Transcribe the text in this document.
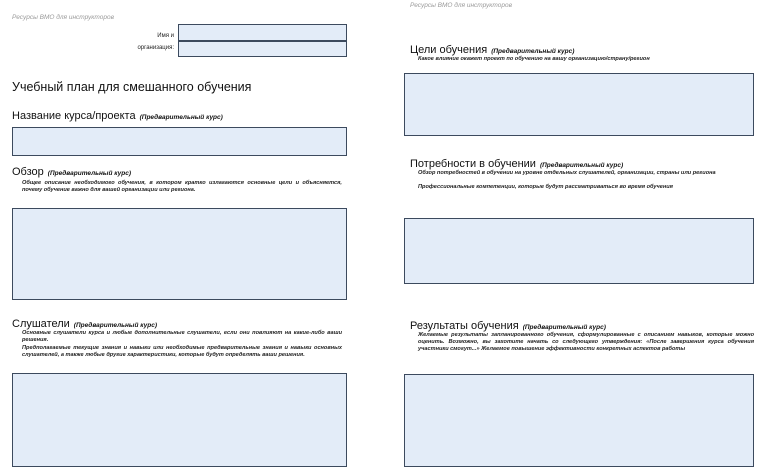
Ресурсы ВМО для инструкторов
Имя и
организация:
Учебный план для смешанного обучения
Название курса/проекта (Предварительный курс)
Обзор (Предварительный курс)

Общее описание необходимого обучения, в котором кратко излагаются основные цели и объясняется, почему обучение важно для вашей организации или региона.

Слушатели (Предварительный курс)

Основные слушатели курса и любые дополнительные слушатели, если они повлияют на какие-либо ваши решения.

Предполагаемые текущие знания и навыки или необходимые предварительные знания и навыки основных слушателей, а также любые другие характеристики, которые будут определять ваши решения.

Ресурсы ВМО для инструкторов
Цели обучения (Предварительный курс)

Какое влияние окажет проект по обучению на вашу организацию/страну/регион

Потребности в обучении (Предварительный курс)

Обзор потребностей в обучении на уровне отдельных слушателей, организации, страны или региона

Профессиональные компетенции, которые будут рассматриваться во время обучения

Результаты обучения (Предварительный курс)

Желаемые результаты запланированного обучения, сформулированные с описанием навыков, которые можно оценить. Возможно, вы захотите начать со следующего утверждения: «После завершения курса обучения участники смогут...» Желаемое повышение эффективности конкретных аспектов работы
